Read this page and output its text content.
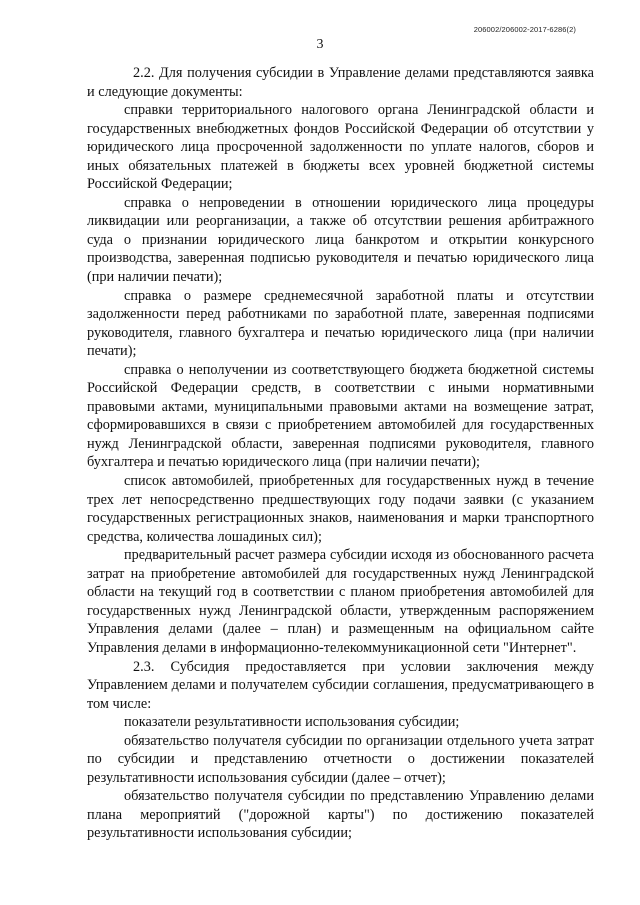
206002/206002-2017-6286(2)
3

2.2. Для получения субсидии в Управление делами представляются заявка и следующие документы:

справки территориального налогового органа Ленинградской области и государственных внебюджетных фондов Российской Федерации об отсутствии у юридического лица просроченной задолженности по уплате налогов, сборов и иных обязательных платежей в бюджеты всех уровней бюджетной системы Российской Федерации;

справка о непроведении в отношении юридического лица процедуры ликвидации или реорганизации, а также об отсутствии решения арбитражного суда о признании юридического лица банкротом и открытии конкурсного производства, заверенная подписью руководителя и печатью юридического лица (при наличии печати);

справка о размере среднемесячной заработной платы и отсутствии задолженности перед работниками по заработной плате, заверенная подписями руководителя, главного бухгалтера и печатью юридического лица (при наличии печати);

справка о неполучении из соответствующего бюджета бюджетной системы Российской Федерации средств, в соответствии с иными нормативными правовыми актами, муниципальными правовыми актами на возмещение затрат, сформировавшихся в связи с приобретением автомобилей для государственных нужд Ленинградской области, заверенная подписями руководителя, главного бухгалтера и печатью юридического лица (при наличии печати);

список автомобилей, приобретенных для государственных нужд в течение трех лет непосредственно предшествующих году подачи заявки (с указанием государственных регистрационных знаков, наименования и марки транспортного средства, количества лошадиных сил);

предварительный расчет размера субсидии исходя из обоснованного расчета затрат на приобретение автомобилей для государственных нужд Ленинградской области на текущий год в соответствии с планом приобретения автомобилей для государственных нужд Ленинградской области, утвержденным распоряжением Управления делами (далее – план) и размещенным на официальном сайте Управления делами в информационно-телекоммуникационной сети "Интернет".

2.3. Субсидия предоставляется при условии заключения между Управлением делами и получателем субсидии соглашения, предусматривающего в том числе:

показатели результативности использования субсидии;

обязательство получателя субсидии по организации отдельного учета затрат по субсидии и представлению отчетности о достижении показателей результативности использования субсидии (далее – отчет);

обязательство получателя субсидии по представлению Управлению делами плана мероприятий ("дорожной карты") по достижению показателей результативности использования субсидии;
